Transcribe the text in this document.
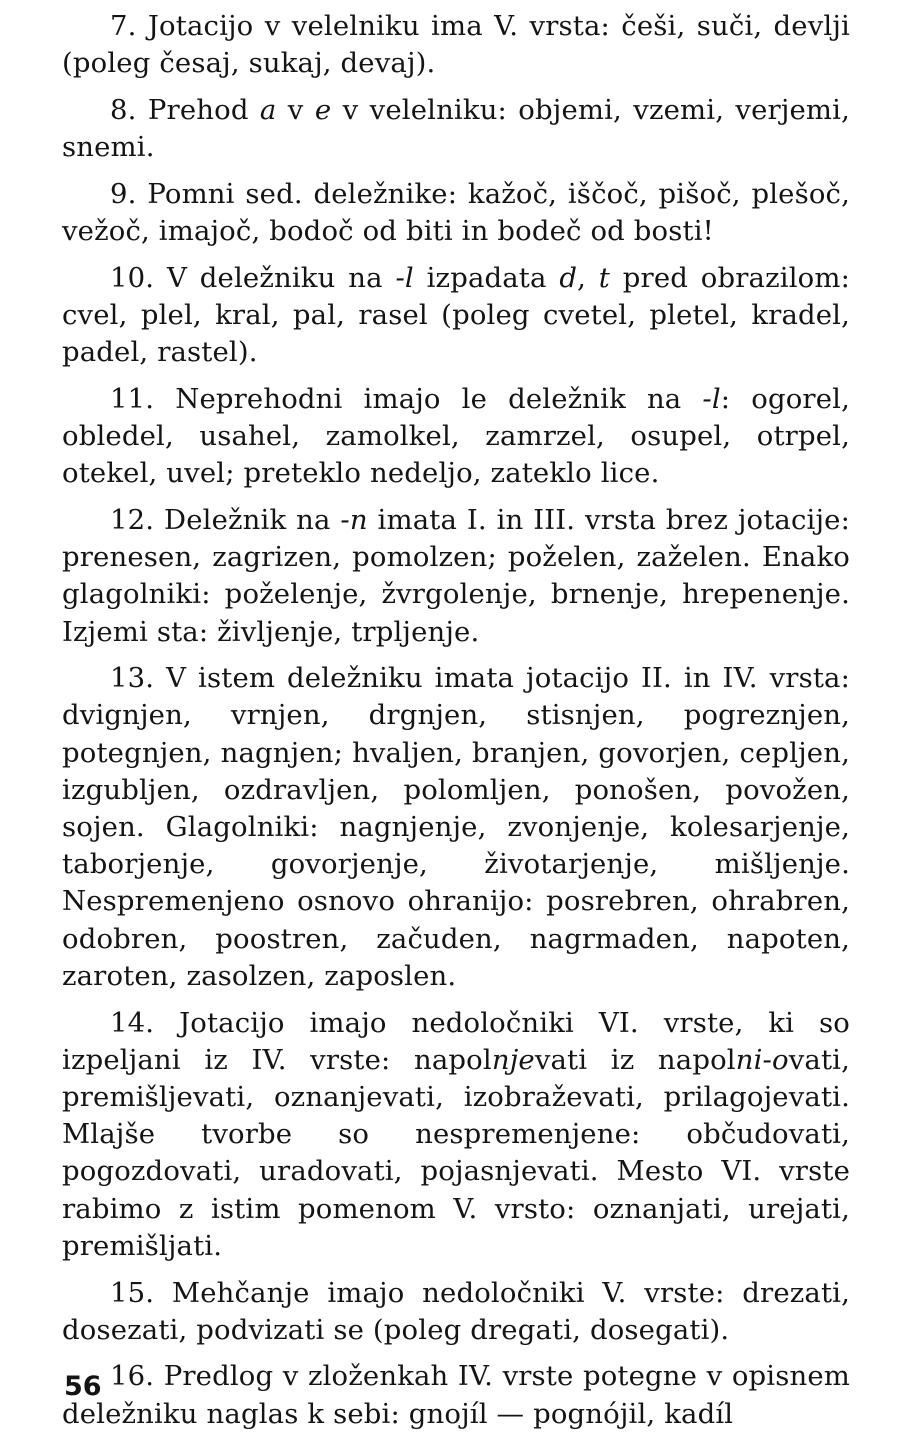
7. Jotacijo v velelniku ima V. vrsta: češi, suči, devlji (poleg česaj, sukaj, devaj).

8. Prehod a v e v velelniku: objemi, vzemi, verjemi, snemi.

9. Pomni sed. deležnike: kažoč, iščoč, pišoč, plešoč, vežoč, imajoč, bodoč od biti in bodeč od bosti!

10. V deležniku na -l izpadata d, t pred obrazilom: cvel, plel, kral, pal, rasel (poleg cvetel, pletel, kradel, padel, rastel).

11. Neprehodni imajo le deležnik na -l: ogorel, obledel, usahel, zamolkel, zamrzel, osupel, otrpel, otekel, uvel; preteklo nedeljo, zateklo lice.

12. Deležnik na -n imata I. in III. vrsta brez jotacije: prenesen, zagrizen, pomolzen; poželen, zaželen. Enako glagolniki: poželenje, žvrgolenje, brnenje, hrepenenje. Izjemi sta: življenje, trpljenje.

13. V istem deležniku imata jotacijo II. in IV. vrsta: dvignjen, vrnjen, drgnjen, stisnjen, pogreznjen, potegnjen, nagnjen; hvaljen, branjen, govorjen, cepljen, izgubljen, ozdravljen, polomljen, ponošen, povožen, sojen. Glagolniki: nagnjenje, zvonjenje, kolesarjenje, taborjenje, govorjenje, životarjenje, mišljenje. Nespremenjeno osnovo ohranijo: posrebren, ohrabren, odobren, poostren, začuden, nagrmaden, napoten, zaroten, zasolzen, zaposlen.

14. Jotacijo imajo nedoločniki VI. vrste, ki so izpeljani iz IV. vrste: napolnjevati iz napolni-ovati, premišljevati, oznanjevati, izobraževati, prilagojevati. Mlajše tvorbe so nespremenjene: občudovati, pogozdovati, uradovati, pojasnjevati. Mesto VI. vrste rabimo z istim pomenom V. vrsto: oznanjati, urejati, premišljati.

15. Mehčanje imajo nedoločniki V. vrste: drezati, dosezati, podvizati se (poleg dregati, dosegati).

16. Predlog v zloženkah IV. vrste potegne v opisnem deležniku naglas k sebi: gnojíl — pognójil, kadíl

56
